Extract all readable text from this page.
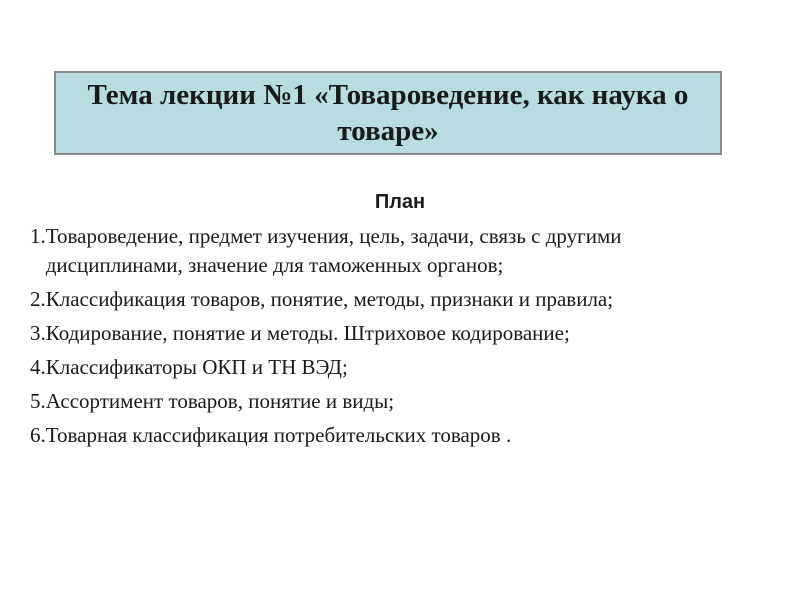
Тема лекции №1 «Товароведение, как наука о товаре»
План
1. Товароведение, предмет изучения, цель, задачи, связь с другими дисциплинами, значение для таможенных органов;
2. Классификация товаров, понятие, методы, признаки и правила;
3. Кодирование, понятие и методы. Штриховое кодирование;
4. Классификаторы ОКП и ТН ВЭД;
5. Ассортимент товаров, понятие и виды;
6. Товарная классификация потребительских товаров .
